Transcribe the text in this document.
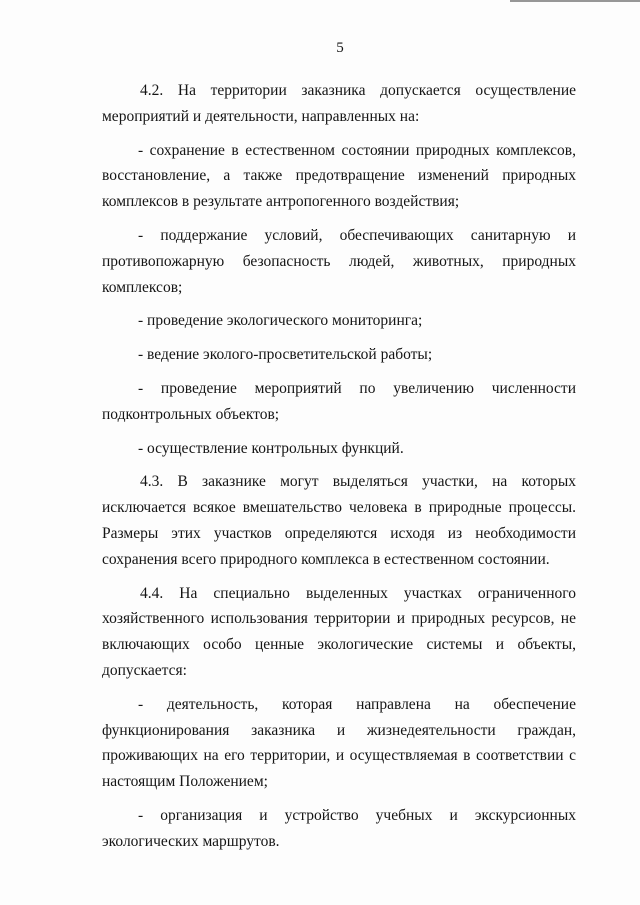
5

4.2. На территории заказника допускается осуществление мероприятий и деятельности, направленных на:

- сохранение в естественном состоянии природных комплексов, восстановление, а также предотвращение изменений природных комплексов в результате антропогенного воздействия;

- поддержание условий, обеспечивающих санитарную и противопожарную безопасность людей, животных, природных комплексов;

- проведение экологического мониторинга;

- ведение эколого-просветительской работы;

- проведение мероприятий по увеличению численности подконтрольных объектов;

- осуществление контрольных функций.

4.3. В заказнике могут выделяться участки, на которых исключается всякое вмешательство человека в природные процессы. Размеры этих участков определяются исходя из необходимости сохранения всего природного комплекса в естественном состоянии.

4.4. На специально выделенных участках ограниченного хозяйственного использования территории и природных ресурсов, не включающих особо ценные экологические системы и объекты, допускается:

- деятельность, которая направлена на обеспечение функционирования заказника и жизнедеятельности граждан, проживающих на его территории, и осуществляемая в соответствии с настоящим Положением;

- организация и устройство учебных и экскурсионных экологических маршрутов.
